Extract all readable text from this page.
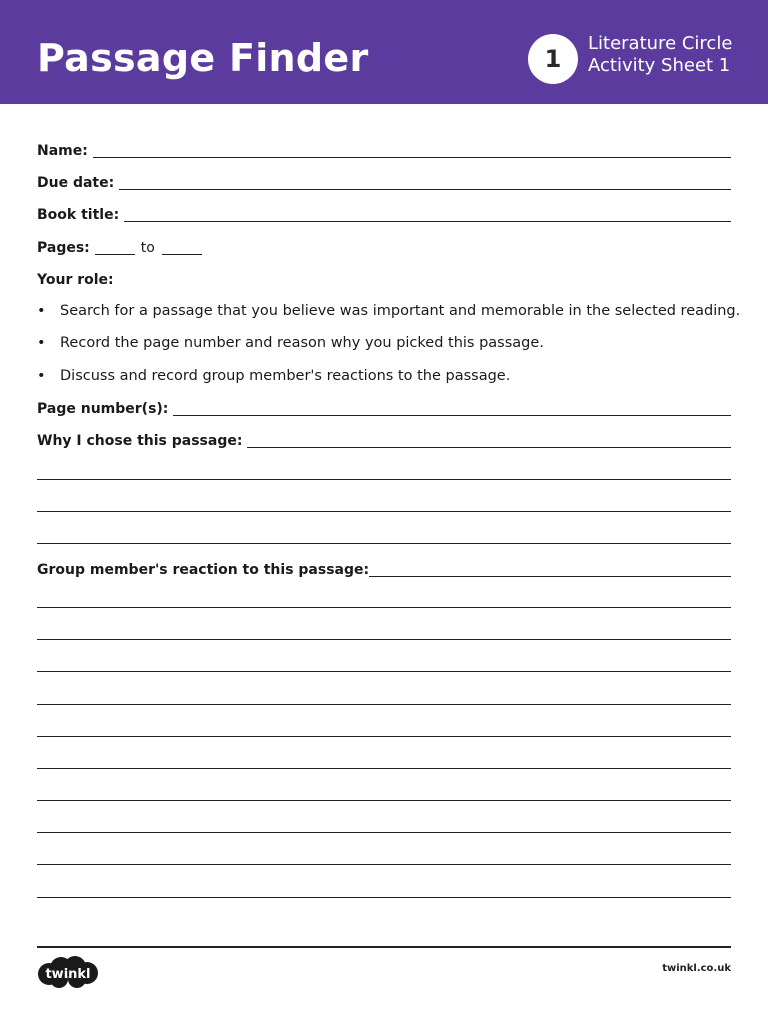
Passage Finder	1
Literature Circle
Activity Sheet 1
Name:
Due date:
Book title:
Pages:	to
Your role:
• Search for a passage that you believe was important and memorable in the selected reading.
• Record the page number and reason why you picked this passage.
• Discuss and record group member's reactions to the passage.
Page number(s):
Why I chose this passage:
Group member's reaction to this passage:
twinkl	twinkl.co.uk
